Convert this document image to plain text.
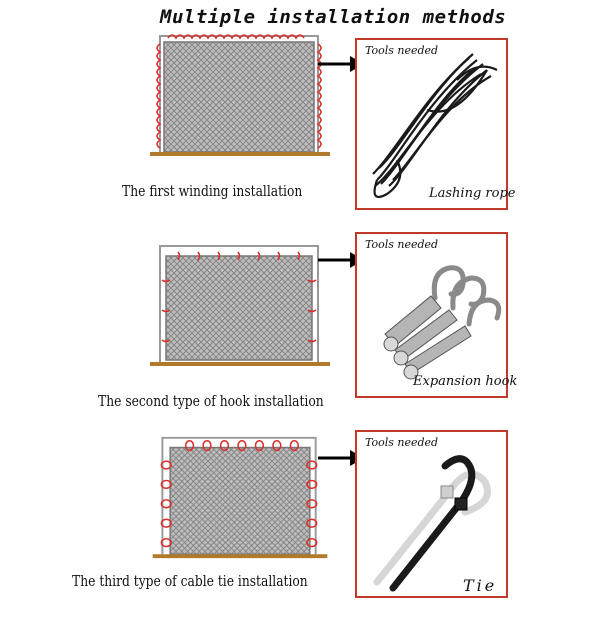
Multiple installation methods
The first winding installation
Tools needed
Lashing rope
The second type of hook installation
Tools needed
Expansion hook
The third type of cable tie installation
Tools needed
Tie
